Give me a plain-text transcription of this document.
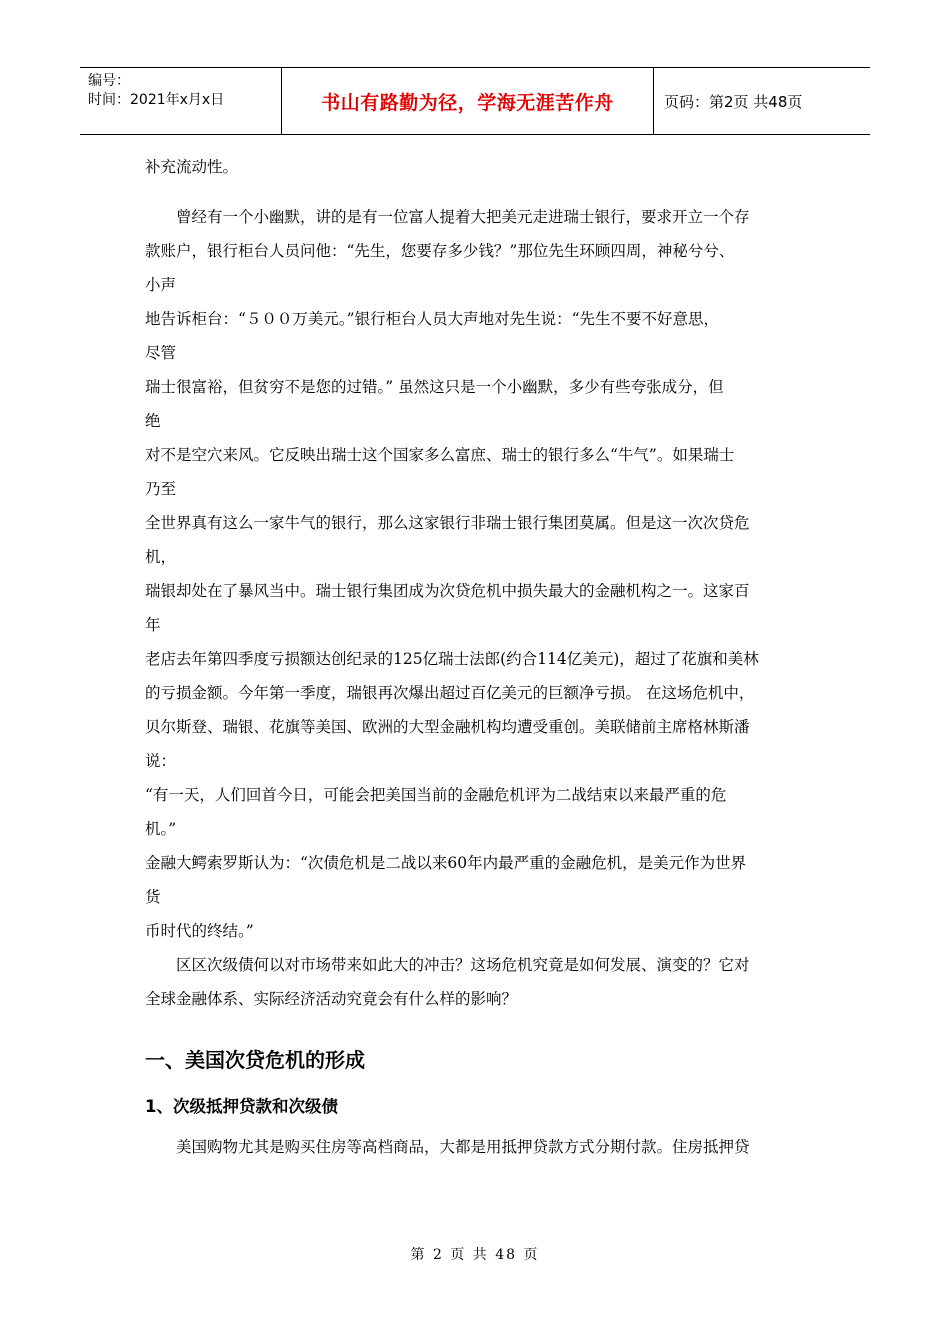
编号：
时间：2021年x月x日	书山有路勤为径，学海无涯苦作舟	页码：第2页 共48页
补充流动性。
曾经有一个小幽默，讲的是有一位富人提着大把美元走进瑞士银行，要求开立一个存
款账户，银行柜台人员问他：“先生，您要存多少钱？”那位先生环顾四周，神秘兮兮、
小声
地告诉柜台：“５００万美元。”银行柜台人员大声地对先生说：“先生不要不好意思，
尽管
瑞士很富裕，但贫穷不是您的过错。” 虽然这只是一个小幽默，多少有些夸张成分，但
绝
对不是空穴来风。它反映出瑞士这个国家多么富庶、瑞士的银行多么“牛气”。如果瑞士
乃至
全世界真有这么一家牛气的银行，那么这家银行非瑞士银行集团莫属。但是这一次次贷危
机，
瑞银却处在了暴风当中。瑞士银行集团成为次贷危机中损失最大的金融机构之一。这家百
年
老店去年第四季度亏损额达创纪录的125亿瑞士法郎(约合114亿美元)，超过了花旗和美林
的亏损金额。今年第一季度，瑞银再次爆出超过百亿美元的巨额净亏损。 在这场危机中，
贝尔斯登、瑞银、花旗等美国、欧洲的大型金融机构均遭受重创。美联储前主席格林斯潘
说：
“有一天，人们回首今日，可能会把美国当前的金融危机评为二战结束以来最严重的危
机。”
金融大鳄索罗斯认为：“次债危机是二战以来60年内最严重的金融危机，是美元作为世界
货
币时代的终结。”
区区次级债何以对市场带来如此大的冲击？这场危机究竟是如何发展、演变的？它对
全球金融体系、实际经济活动究竟会有什么样的影响？
一、美国次贷危机的形成
1、次级抵押贷款和次级债
美国购物尤其是购买住房等高档商品，大都是用抵押贷款方式分期付款。住房抵押贷
第 2 页 共 48 页
